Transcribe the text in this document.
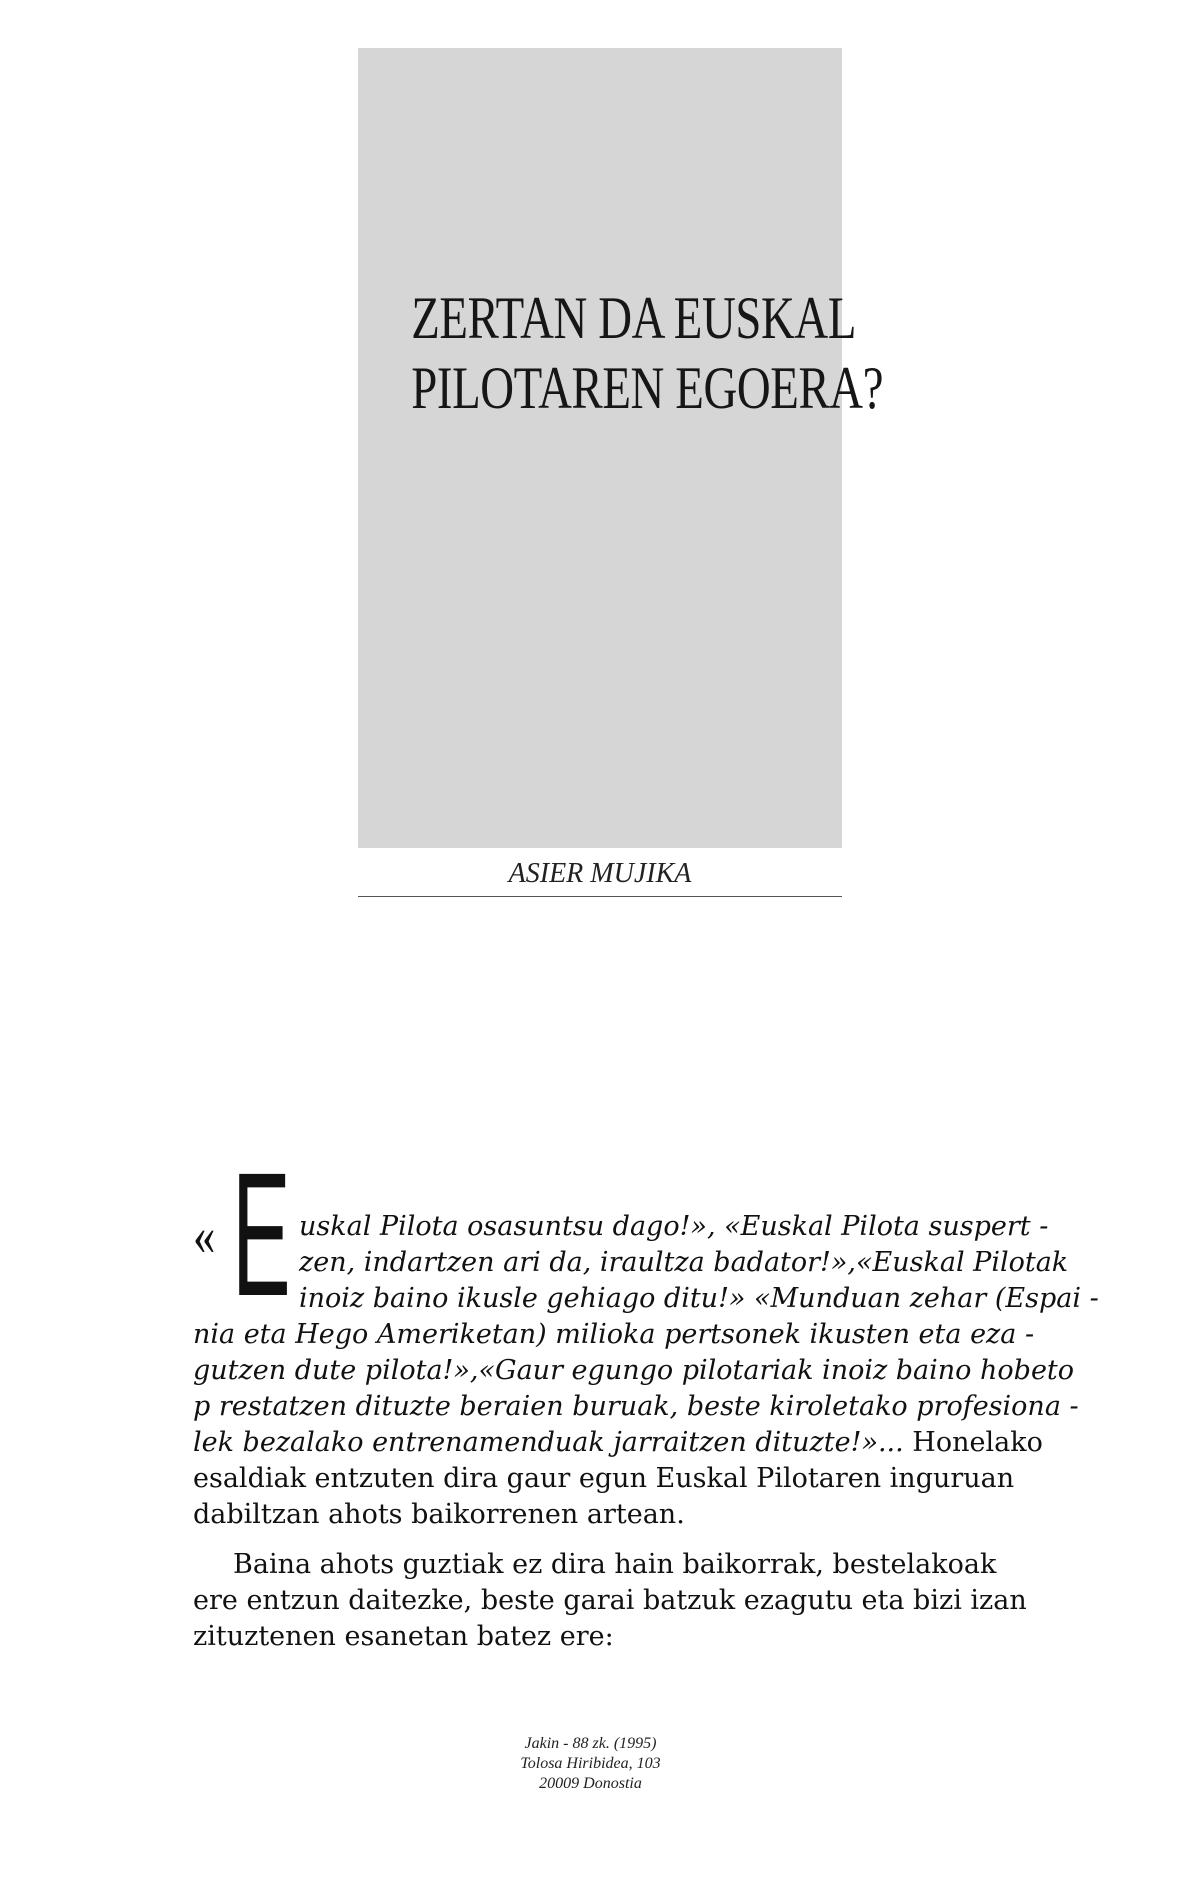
ZERTAN DA EUSKAL
PILOTAREN EGOERA?
ASIER MUJIKA
« E uskal Pilota osasuntsu dago!», «Euskal Pilota suspert -
zen, indartzen ari da, iraultza badator!»,«Euskal Pilotak
inoiz baino ikusle gehiago ditu!» «Munduan zehar (Espai -
nia eta Hego Ameriketan) milioka pertsonek ikusten eta eza -
gutzen dute pilota!»,«Gaur egungo pilotariak inoiz baino hobeto
p restatzen dituzte beraien buruak, beste kiroletako profesiona -
lek bezalako entrenamenduak jarraitzen dituzte!»... Honelako
esaldiak entzuten dira gaur egun Euskal Pilotaren inguruan
dabiltzan ahots baikorrenen artean.
Baina ahots guztiak ez dira hain baikorrak, bestelakoak
ere entzun daitezke, beste garai batzuk ezagutu eta bizi izan
zituztenen esanetan batez ere:
Jakin - 88 zk. (1995)
Tolosa Hiribidea, 103
20009 Donostia
